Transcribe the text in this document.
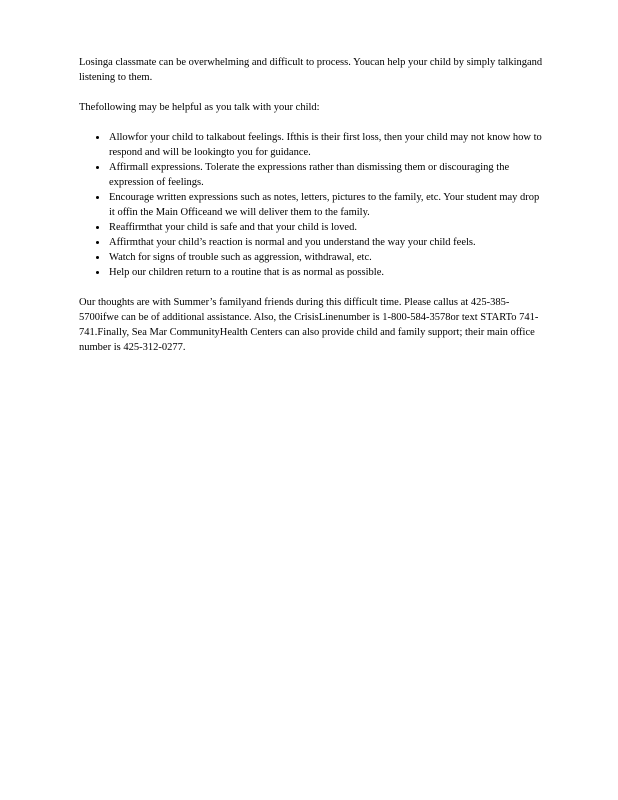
Losinga classmate can be overwhelming and difficult to process. Youcan help your child by simply talkingand listening to them.

Thefollowing may be helpful as you talk with your child:

Allowfor your child to talkabout feelings. Ifthis is their first loss, then your child may not know how to respond and will be lookingto you for guidance.
Affirmall expressions. Tolerate the expressions rather than dismissing them or discouraging the expression of feelings.
Encourage written expressions such as notes, letters, pictures to the family, etc. Your student may drop it offin the Main Officeand we will deliver them to the family.
Reaffirmthat your child is safe and that your child is loved.
Affirmthat your child’s reaction is normal and you understand the way your child feels.
Watch for signs of trouble such as aggression, withdrawal, etc.
Help our children return to a routine that is as normal as possible.

Our thoughts are with Summer’s familyand friends during this difficult time. Please callus at 425-385-5700ifwe can be of additional assistance. Also, the CrisisLinenumber is 1-800-584-3578or text STARTo 741-741.Finally, Sea Mar CommunityHealth Centers can also provide child and family support; their main office number is 425-312-0277.
